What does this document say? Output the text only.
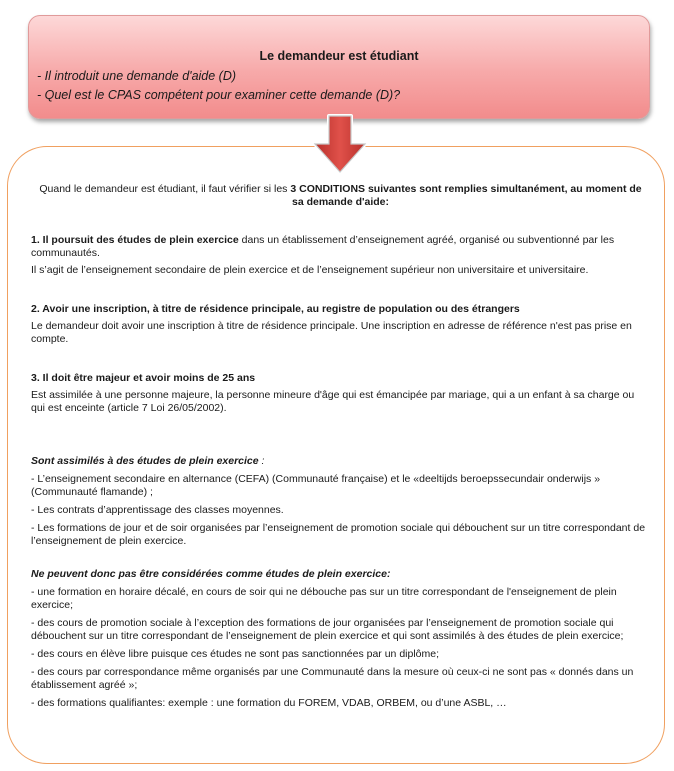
Le demandeur est étudiant

- Il introduit une demande d'aide (D)

- Quel est le CPAS compétent pour examiner cette demande (D)?

Quand le demandeur est étudiant, il faut vérifier si les 3 CONDITIONS suivantes sont remplies simultanément, au moment de sa demande d'aide:

1. Il poursuit des études de plein exercice dans un établissement d’enseignement agréé, organisé ou subventionné par les communautés.

Il s’agit de l’enseignement secondaire de plein exercice et de l’enseignement supérieur non universitaire et universitaire.

2. Avoir une inscription, à titre de résidence principale, au registre de population ou des étrangers

Le demandeur doit avoir une inscription à titre de résidence principale. Une inscription en adresse de référence n'est pas prise en compte.

3. Il doit être majeur et avoir moins de 25 ans

Est assimilée à une personne majeure, la personne mineure d'âge qui est émancipée par mariage, qui a un enfant à sa charge ou qui est enceinte (article 7 Loi 26/05/2002).

Sont assimilés à des études de plein exercice :

- L’enseignement secondaire en alternance (CEFA) (Communauté française) et le «deeltijds beroepssecundair onderwijs » (Communauté flamande) ;

- Les contrats d’apprentissage des classes moyennes.

- Les formations de jour et de soir organisées par l’enseignement de promotion sociale qui débouchent sur un titre correspondant de l’enseignement de plein exercice.

Ne peuvent donc pas être considérées comme études de plein exercice:

- une formation en horaire décalé, en cours de soir qui ne débouche pas sur un titre correspondant de l'enseignement de plein exercice;

- des cours de promotion sociale à l’exception des formations de jour organisées par l’enseignement de promotion sociale qui débouchent sur un titre correspondant de l’enseignement de plein exercice et qui sont assimilés à des études de plein exercice;

- des cours en élève libre puisque ces études ne sont pas sanctionnées par un diplôme;

- des cours par correspondance même organisés par une Communauté dans la mesure où ceux-ci ne sont pas « donnés dans un établissement agréé »;

- des formations qualifiantes: exemple : une formation du FOREM, VDAB, ORBEM, ou d’une ASBL, …
